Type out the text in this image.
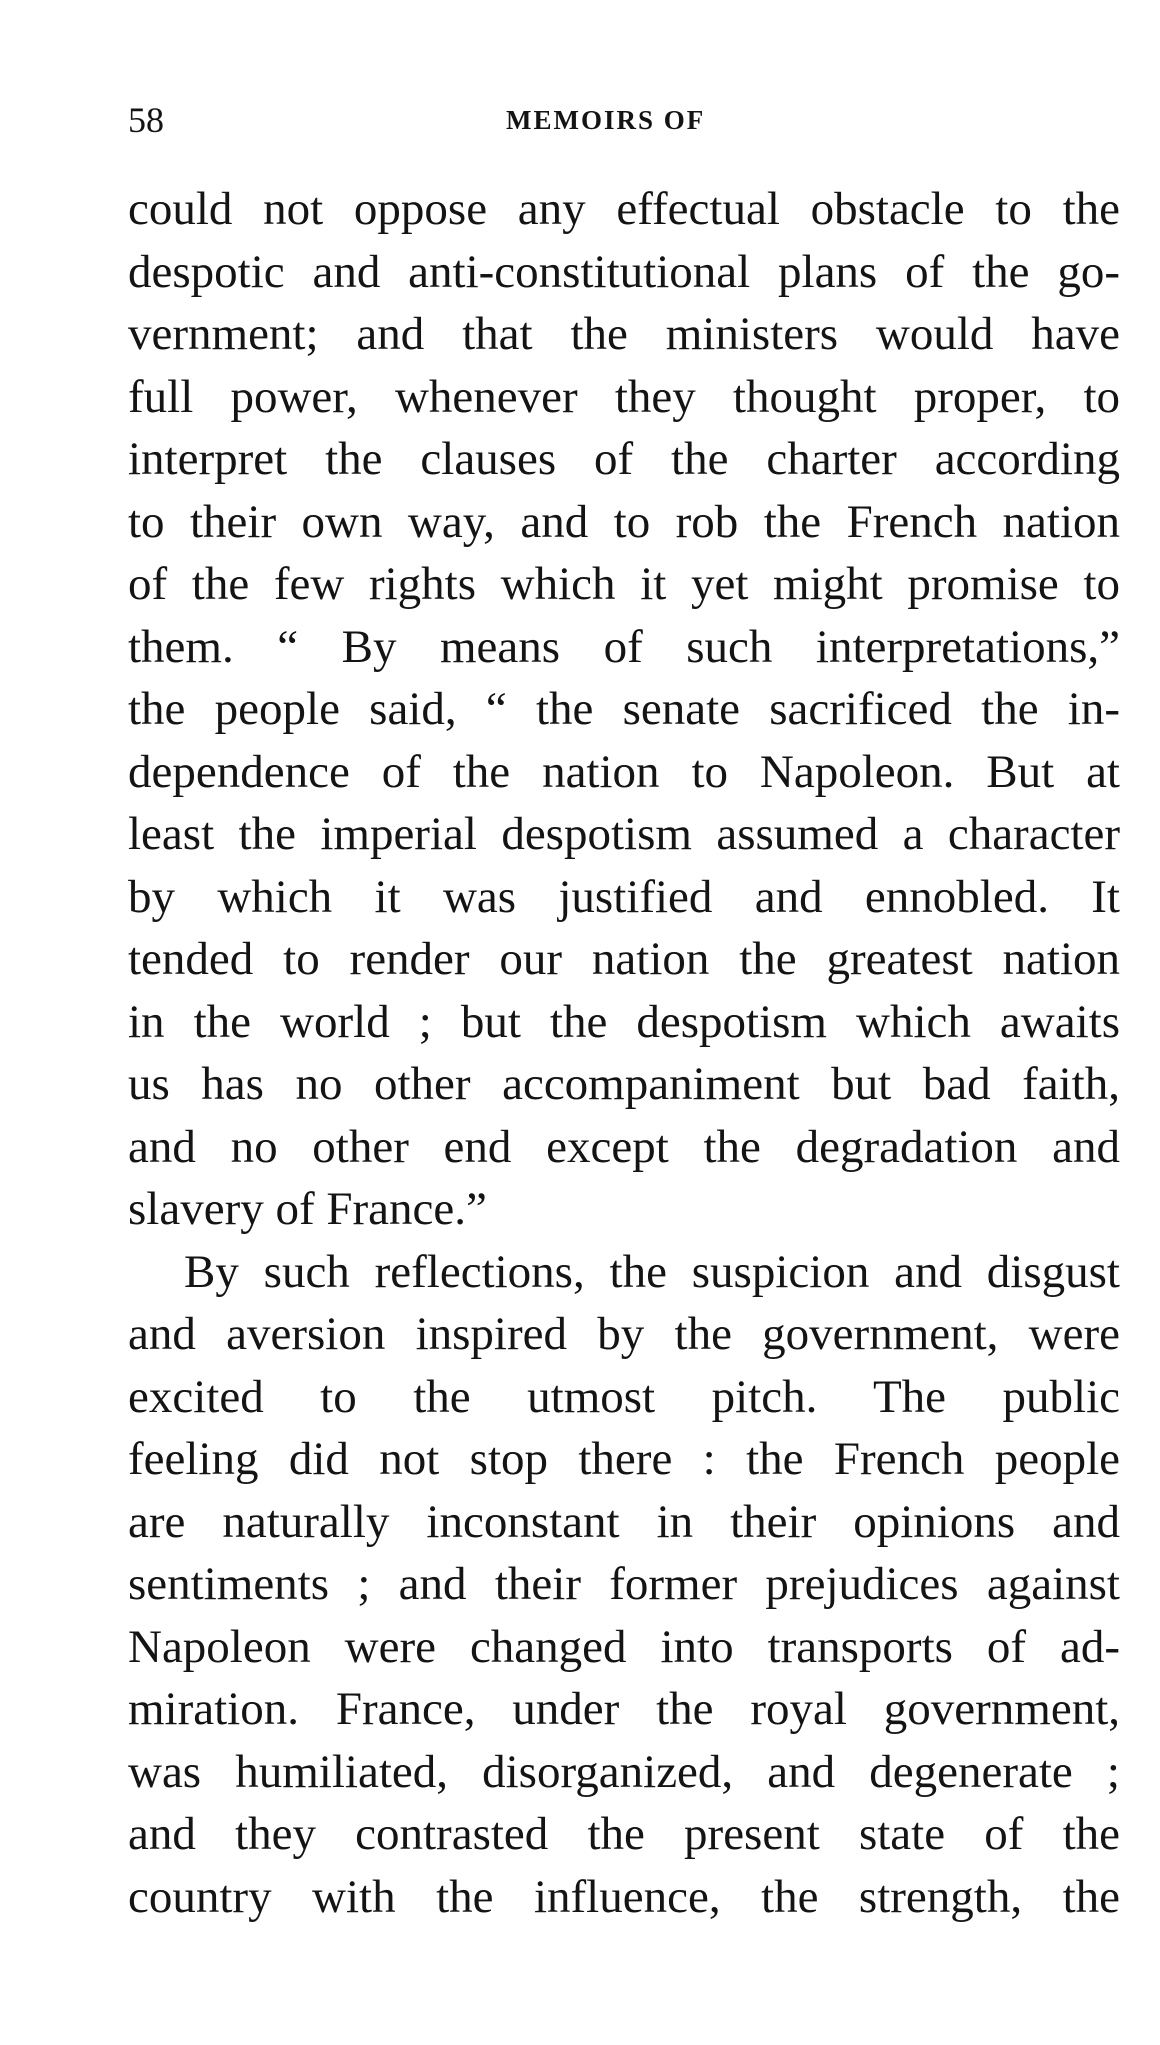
58	MEMOIRS OF
could not oppose any effectual obstacle to the
despotic and anti-constitutional plans of the go-
vernment; and that the ministers would have
full power, whenever they thought proper, to
interpret the clauses of the charter according
to their own way, and to rob the French nation
of the few rights which it yet might promise to
them. “ By means of such interpretations,”
the people said, “ the senate sacrificed the in-
dependence of the nation to Napoleon. But at
least the imperial despotism assumed a character
by which it was justified and ennobled. It
tended to render our nation the greatest nation
in the world ; but the despotism which awaits
us has no other accompaniment but bad faith,
and no other end except the degradation and
slavery of France.”
By such reflections, the suspicion and disgust
and aversion inspired by the government, were
excited to the utmost pitch. The public
feeling did not stop there : the French people
are naturally inconstant in their opinions and
sentiments ; and their former prejudices against
Napoleon were changed into transports of ad-
miration. France, under the royal government,
was humiliated, disorganized, and degenerate ;
and they contrasted the present state of the
country with the influence, the strength, the
